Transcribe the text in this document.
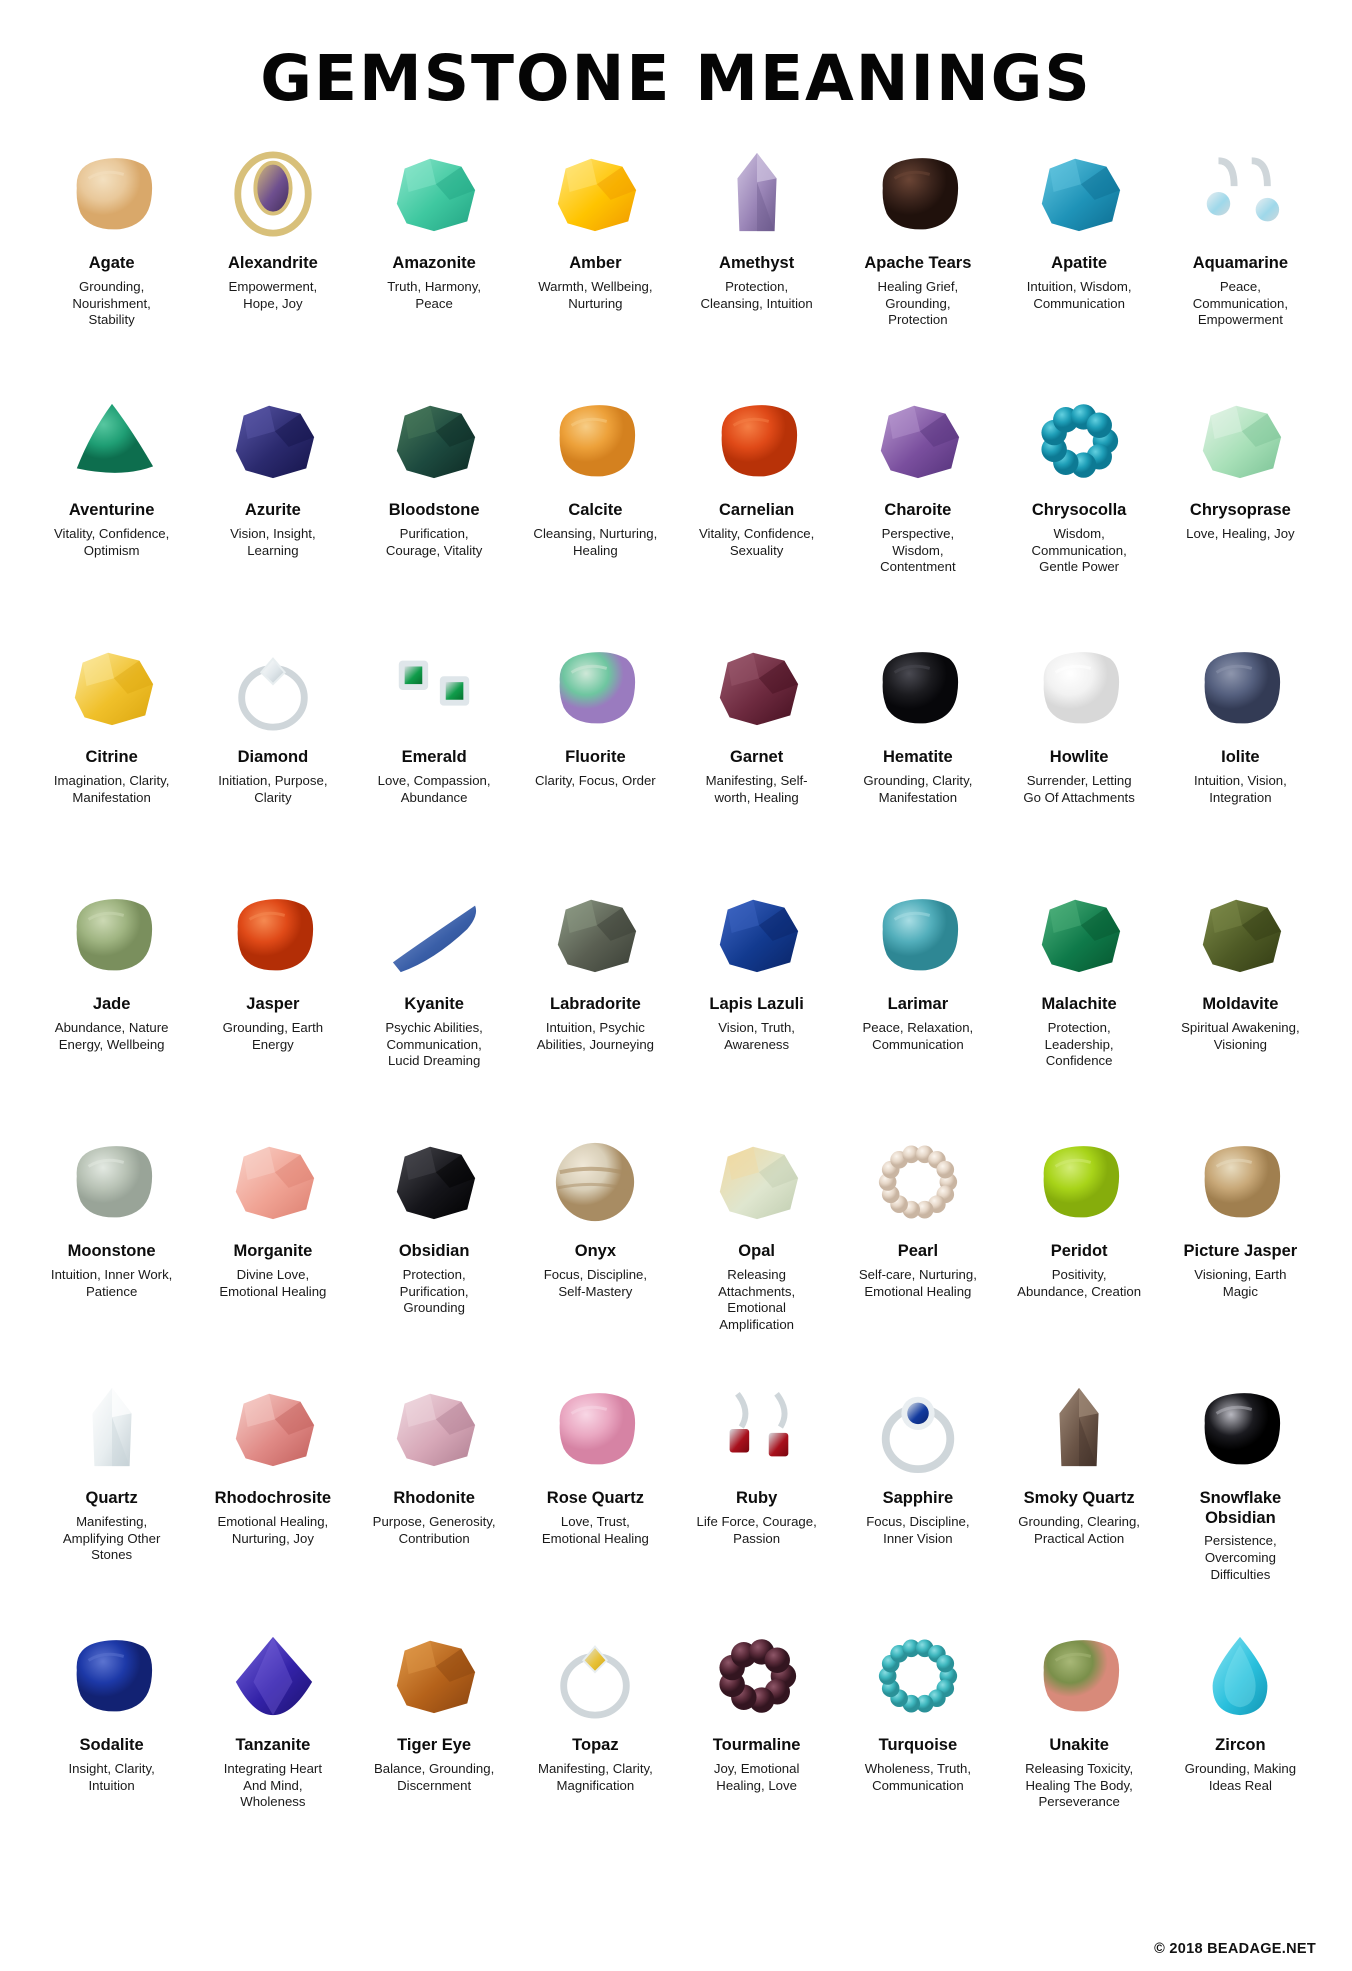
GEMSTONE MEANINGS
Agate
Grounding, Nourishment, Stability
Alexandrite
Empowerment, Hope, Joy
Amazonite
Truth, Harmony, Peace
Amber
Warmth, Wellbeing, Nurturing
Amethyst
Protection, Cleansing, Intuition
Apache Tears
Healing Grief, Grounding, Protection
Apatite
Intuition, Wisdom, Communication
Aquamarine
Peace, Communication, Empowerment
Aventurine
Vitality, Confidence, Optimism
Azurite
Vision, Insight, Learning
Bloodstone
Purification, Courage, Vitality
Calcite
Cleansing, Nurturing, Healing
Carnelian
Vitality, Confidence, Sexuality
Charoite
Perspective, Wisdom, Contentment
Chrysocolla
Wisdom, Communication, Gentle Power
Chrysoprase
Love, Healing, Joy
Citrine
Imagination, Clarity, Manifestation
Diamond
Initiation, Purpose, Clarity
Emerald
Love, Compassion, Abundance
Fluorite
Clarity, Focus, Order
Garnet
Manifesting, Self-worth, Healing
Hematite
Grounding, Clarity, Manifestation
Howlite
Surrender, Letting Go Of Attachments
Iolite
Intuition, Vision, Integration
Jade
Abundance, Nature Energy, Wellbeing
Jasper
Grounding, Earth Energy
Kyanite
Psychic Abilities, Communication, Lucid Dreaming
Labradorite
Intuition, Psychic Abilities, Journeying
Lapis Lazuli
Vision, Truth, Awareness
Larimar
Peace, Relaxation, Communication
Malachite
Protection, Leadership, Confidence
Moldavite
Spiritual Awakening, Visioning
Moonstone
Intuition, Inner Work, Patience
Morganite
Divine Love, Emotional Healing
Obsidian
Protection, Purification, Grounding
Onyx
Focus, Discipline, Self-Mastery
Opal
Releasing Attachments, Emotional Amplification
Pearl
Self-care, Nurturing, Emotional Healing
Peridot
Positivity, Abundance, Creation
Picture Jasper
Visioning, Earth Magic
Quartz
Manifesting, Amplifying Other Stones
Rhodochrosite
Emotional Healing, Nurturing, Joy
Rhodonite
Purpose, Generosity, Contribution
Rose Quartz
Love, Trust, Emotional Healing
Ruby
Life Force, Courage, Passion
Sapphire
Focus, Discipline, Inner Vision
Smoky Quartz
Grounding, Clearing, Practical Action
Snowflake Obsidian
Persistence, Overcoming Difficulties
Sodalite
Insight, Clarity, Intuition
Tanzanite
Integrating Heart And Mind, Wholeness
Tiger Eye
Balance, Grounding, Discernment
Topaz
Manifesting, Clarity, Magnification
Tourmaline
Joy, Emotional Healing, Love
Turquoise
Wholeness, Truth, Communication
Unakite
Releasing Toxicity, Healing The Body, Perseverance
Zircon
Grounding, Making Ideas Real
© 2018 BEADAGE.NET
